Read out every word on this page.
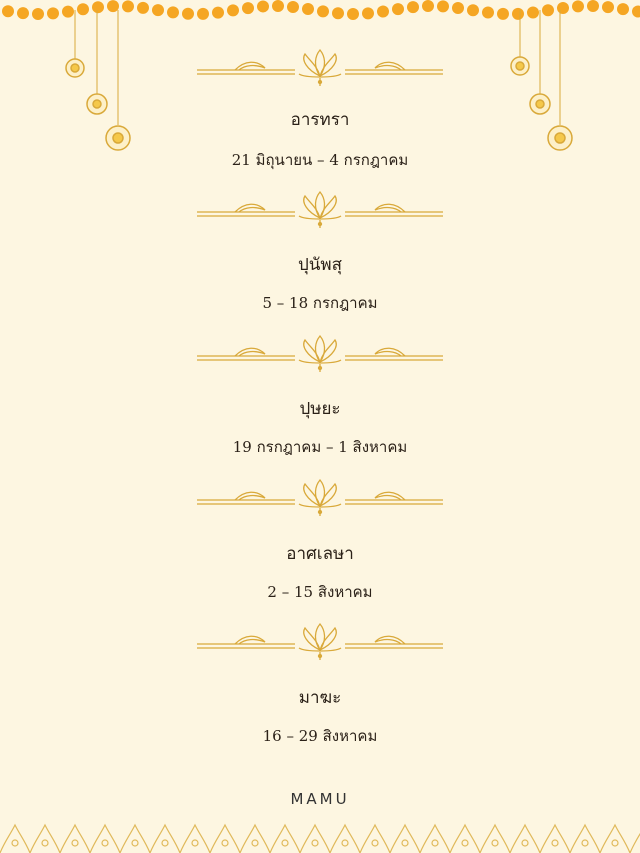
อารทรา
21 มิถุนายน – 4 กรกฎาคม
ปุนัพสุ
5 – 18 กรกฎาคม
ปุษยะ
19 กรกฎาคม – 1 สิงหาคม
อาศเลษา
2 – 15 สิงหาคม
มาฆะ
16 – 29 สิงหาคม
MAMU
